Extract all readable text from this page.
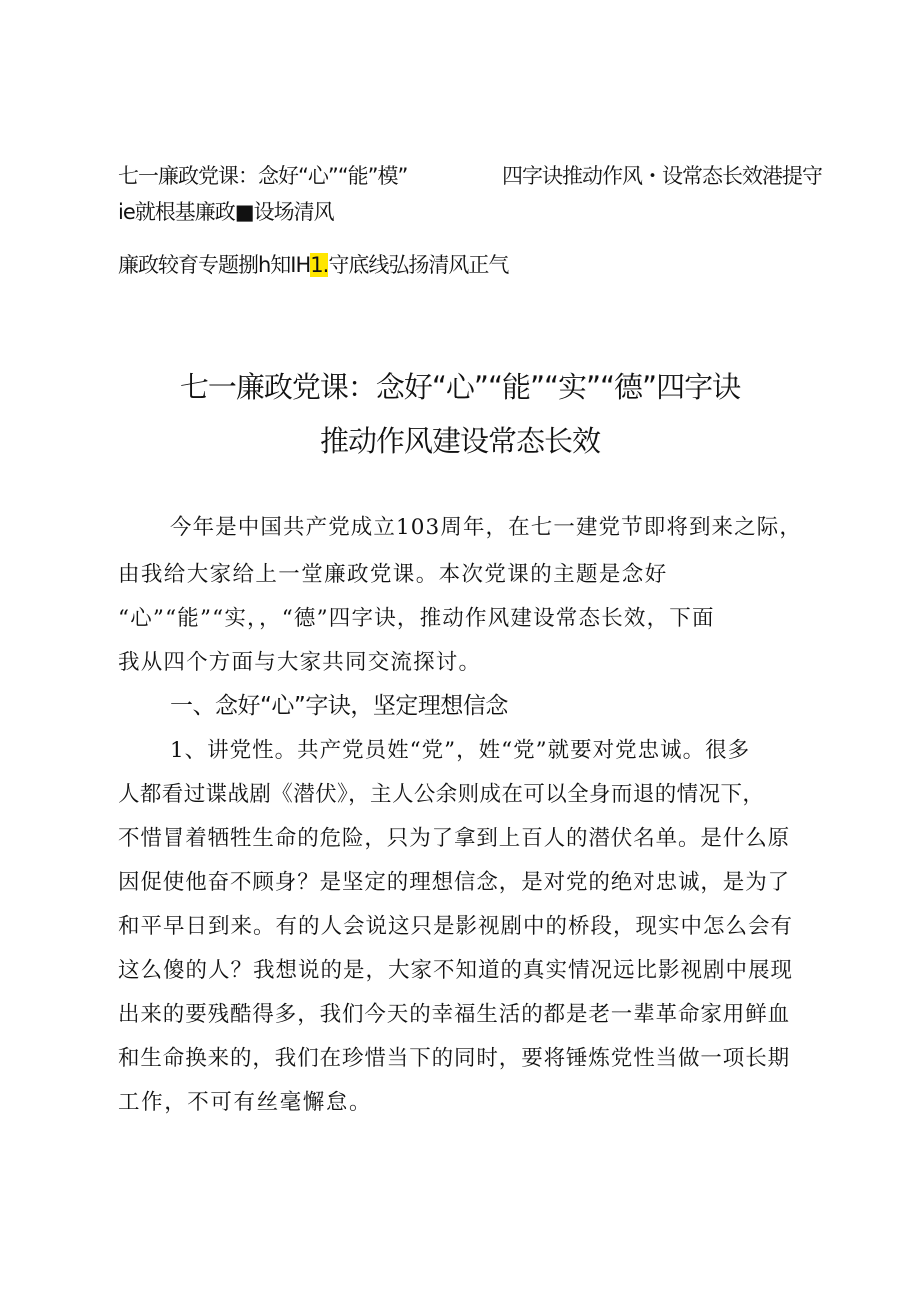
七一廉政党课：念好“心”“能”模”	四字诀推动作风・设常态长效港提守
ie就根基廉政■设场清风
廉政较育专题捌h知IH1.守底线弘扬清风正气
七一廉政党课：念好“心”“能”“实”“德”四字诀
推动作风建设常态长效
今年是中国共产党成立103周年，在七一建党节即将到来之际，
由我给大家给上一堂廉政党课。本次党课的主题是念好
“心”“能”“实，，“德”四字诀，推动作风建设常态长效，下面
我从四个方面与大家共同交流探讨。
一、念好“心”字诀，坚定理想信念
1、讲党性。共产党员姓“党”，姓“党”就要对党忠诚。很多
人都看过谍战剧《潜伏》，主人公余则成在可以全身而退的情况下，
不惜冒着牺牲生命的危险，只为了拿到上百人的潜伏名单。是什么原
因促使他奋不顾身？是坚定的理想信念，是对党的绝对忠诚，是为了
和平早日到来。有的人会说这只是影视剧中的桥段，现实中怎么会有
这么傻的人？我想说的是，大家不知道的真实情况远比影视剧中展现
出来的要残酷得多，我们今天的幸福生活的都是老一辈革命家用鲜血
和生命换来的，我们在珍惜当下的同时，要将锤炼党性当做一项长期
工作，不可有丝毫懈怠。
